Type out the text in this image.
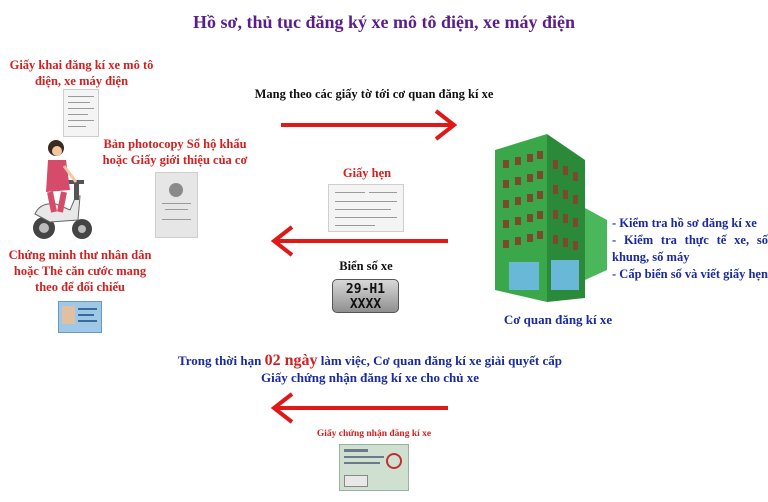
Hồ sơ, thủ tục đăng ký xe mô tô điện, xe máy điện
Giấy khai đăng kí xe mô tô điện, xe máy điện
Bản photocopy Sổ hộ khẩu hoặc Giấy giới thiệu của cơ
Chứng minh thư nhân dân hoặc Thẻ căn cước mang theo để đối chiếu
Mang theo các giấy tờ tới cơ quan đăng kí xe
Giấy hẹn
Biển số xe
29-H1
XXXX
Cơ quan đăng kí xe
- Kiểm tra hồ sơ đăng kí xe
- Kiểm tra thực tế xe, số khung, số máy
- Cấp biển số và viết giấy hẹn
Trong thời hạn 02 ngày làm việc, Cơ quan đăng kí xe giải quyết cấp
Giấy chứng nhận đăng kí xe cho chủ xe
Giấy chứng nhận đăng kí xe
